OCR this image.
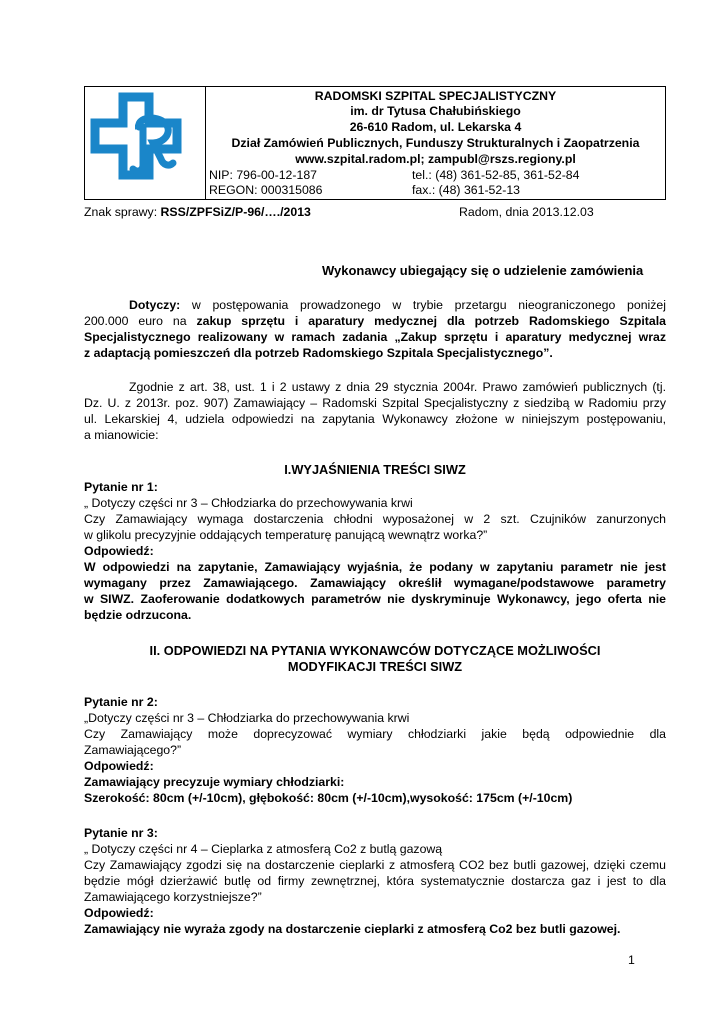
RADOMSKI SZPITAL SPECJALISTYCZNY
im. dr Tytusa Chałubińskiego
26-610 Radom, ul. Lekarska 4
Dział Zamówień Publicznych, Funduszy Strukturalnych i Zaopatrzenia
www.szpital.radom.pl; zampubl@rszs.regiony.pl
NIP: 796-00-12-187	tel.: (48) 361-52-85, 361-52-84
REGON: 000315086	fax.: (48) 361-52-13
Znak sprawy: RSS/ZPFSiZ/P-96/…./2013	Radom, dnia 2013.12.03
Wykonawcy ubiegający się o udzielenie zamówienia
Dotyczy: w postępowania prowadzonego w trybie przetargu nieograniczonego poniżej
200.000 euro na zakup sprzętu i aparatury medycznej dla potrzeb Radomskiego Szpitala
Specjalistycznego realizowany w ramach zadania „Zakup sprzętu i aparatury medycznej wraz
z adaptacją pomieszczeń dla potrzeb Radomskiego Szpitala Specjalistycznego”.
Zgodnie z art. 38, ust. 1 i 2 ustawy z dnia 29 stycznia 2004r. Prawo zamówień publicznych (tj.
Dz. U. z 2013r. poz. 907) Zamawiający – Radomski Szpital Specjalistyczny z siedzibą w Radomiu przy
ul. Lekarskiej 4, udziela odpowiedzi na zapytania Wykonawcy złożone w niniejszym postępowaniu,
a mianowicie:
I.WYJAŚNIENIA TREŚCI SIWZ
Pytanie nr 1:
„ Dotyczy części nr 3 – Chłodziarka do przechowywania krwi
Czy Zamawiający wymaga dostarczenia chłodni wyposażonej w 2 szt. Czujników zanurzonych
w glikolu precyzyjnie oddających temperaturę panującą wewnątrz worka?”
Odpowiedź:
W odpowiedzi na zapytanie, Zamawiający wyjaśnia, że podany w zapytaniu parametr nie jest
wymagany przez Zamawiającego. Zamawiający określił wymagane/podstawowe parametry
w SIWZ. Zaoferowanie dodatkowych parametrów nie dyskryminuje Wykonawcy, jego oferta nie
będzie odrzucona.
II. ODPOWIEDZI NA PYTANIA WYKONAWCÓW DOTYCZĄCE MOŻLIWOŚCI
MODYFIKACJI TREŚCI SIWZ
Pytanie nr 2:
„Dotyczy części nr 3 – Chłodziarka do przechowywania krwi
Czy Zamawiający może doprecyzować wymiary chłodziarki jakie będą odpowiednie dla
Zamawiającego?”
Odpowiedź:
Zamawiający precyzuje wymiary chłodziarki:
Szerokość: 80cm (+/-10cm), głębokość: 80cm (+/-10cm),wysokość: 175cm (+/-10cm)
Pytanie nr 3:
„ Dotyczy części nr 4 – Cieplarka z atmosferą Co2 z butlą gazową
Czy Zamawiający zgodzi się na dostarczenie cieplarki z atmosferą CO2 bez butli gazowej, dzięki czemu
będzie mógł dzierżawić butlę od firmy zewnętrznej, która systematycznie dostarcza gaz i jest to dla
Zamawiającego korzystniejsze?”
Odpowiedź:
Zamawiający nie wyraża zgody na dostarczenie cieplarki z atmosferą Co2 bez butli gazowej.
1
